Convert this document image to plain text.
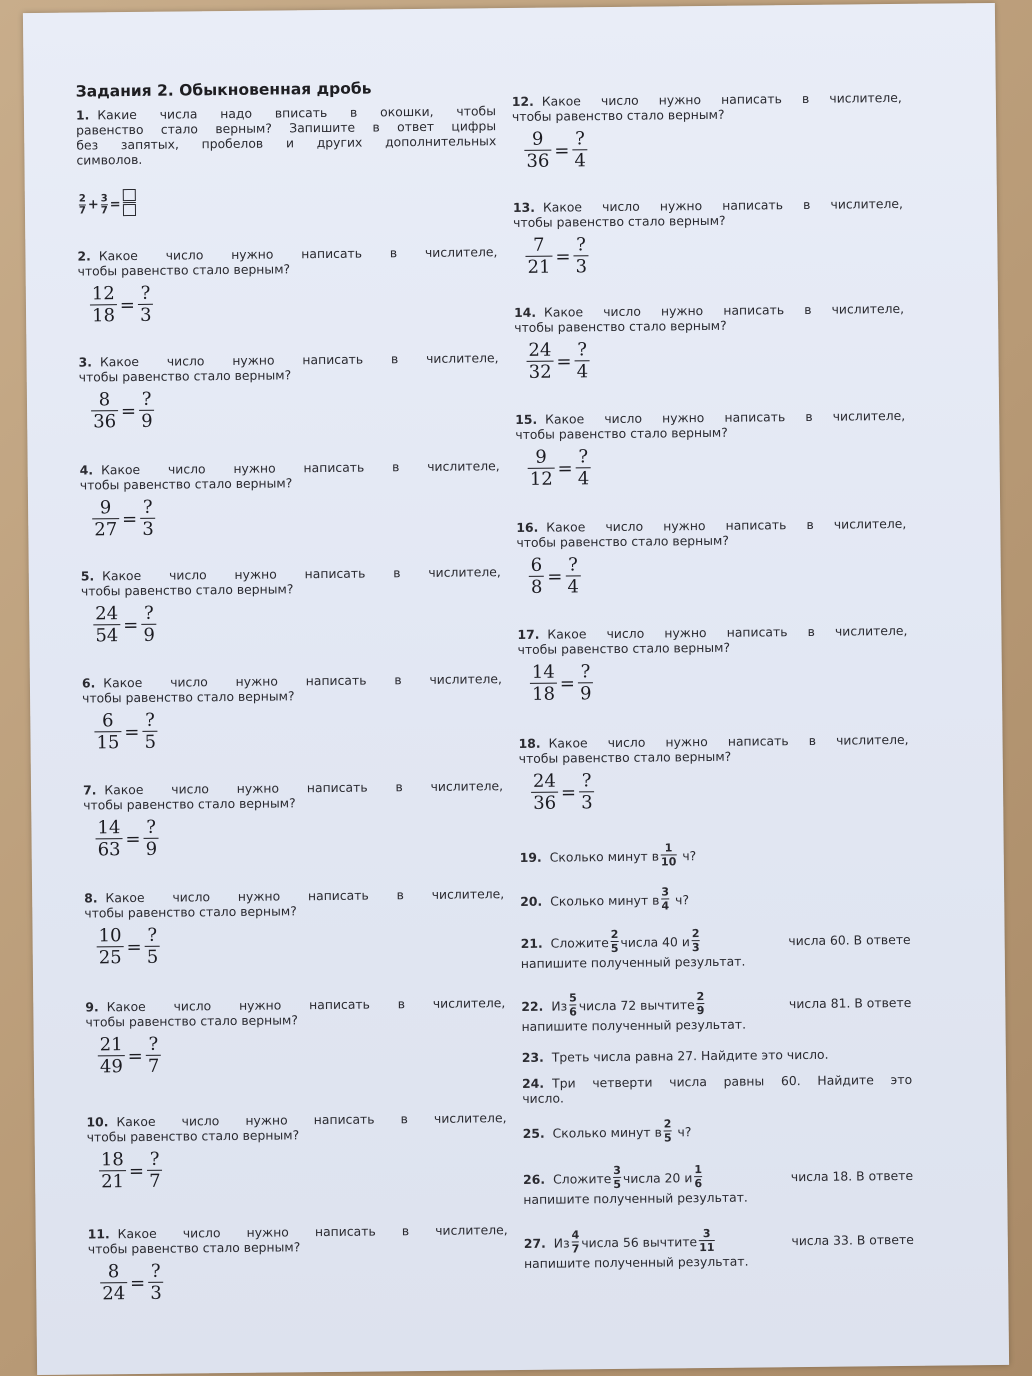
Задания 2. Обыкновенная дробь
1. Какие числа надо вписать в окошки, чтобы
равенство стало верным? Запишите в ответ цифры
без запятых, пробелов и других дополнительных
символов.
2
$7 + \frac{3}{7}$ =
2. Какое число нужно написать в числителе,
чтобы равенство стало верным?
$\frac{12}{18} = \frac{?}{3}$
3. Какое число нужно написать в числителе,
чтобы равенство стало верным?
$\frac{8}{36} = \frac{?}{9}$
4. Какое число нужно написать в числителе,
чтобы равенство стало верным?
$\frac{9}{27} = \frac{?}{3}$
5. Какое число нужно написать в числителе,
чтобы равенство стало верным?
$\frac{24}{54} = \frac{?}{9}$
6. Какое число нужно написать в числителе,
чтобы равенство стало верным?
$\frac{6}{15} = \frac{?}{5}$
7. Какое число нужно написать в числителе,
чтобы равенство стало верным?
$\frac{14}{63} = \frac{?}{9}$
8. Какое число нужно написать в числителе,
чтобы равенство стало верным?
$\frac{10}{25} = \frac{?}{5}$
9. Какое число нужно написать в числителе,
чтобы равенство стало верным?
$\frac{21}{49} = \frac{?}{7}$
10. Какое число нужно написать в числителе,
чтобы равенство стало верным?
$\frac{18}{21} = \frac{?}{7}$
11. Какое число нужно написать в числителе,
чтобы равенство стало верным?
$\frac{8}{24} = \frac{?}{3}$
12. Какое число нужно написать в числителе,
чтобы равенство стало верным?
$\frac{9}{36} = \frac{?}{4}$
13. Какое число нужно написать в числителе,
чтобы равенство стало верным?
$\frac{7}{21} = \frac{?}{3}$
14. Какое число нужно написать в числителе,
чтобы равенство стало верным?
$\frac{24}{32} = \frac{?}{4}$
15. Какое число нужно написать в числителе,
чтобы равенство стало верным?
$\frac{9}{12} = \frac{?}{4}$
16. Какое число нужно написать в числителе,
чтобы равенство стало верным?
$\frac{6}{8} = \frac{?}{4}$
17. Какое число нужно написать в числителе,
чтобы равенство стало верным?
$\frac{14}{18} = \frac{?}{9}$
18. Какое число нужно написать в числителе,
чтобы равенство стало верным?
$\frac{24}{36} = \frac{?}{3}$
19. Сколько минут в
1
10 ч?
20. Сколько минут в
3
4 ч?
21. Сложите
2
5 числа 40 и
2
3	числа 60. В ответе
напишите полученный результат.
22. Из
5
6 числа 72 вычтите
2
9	числа 81. В ответе
напишите полученный результат.
23. Треть числа равна 27. Найдите это число.
24. Три четверти числа равны 60. Найдите это
число.
25. Сколько минут в
2
5 ч?
26. Сложите
3
5 числа 20 и
1
6	числа 18. В ответе
напишите полученный результат.
27. Из
4
7 числа 56 вычтите
3
11	числа 33. В ответе
напишите полученный результат.
